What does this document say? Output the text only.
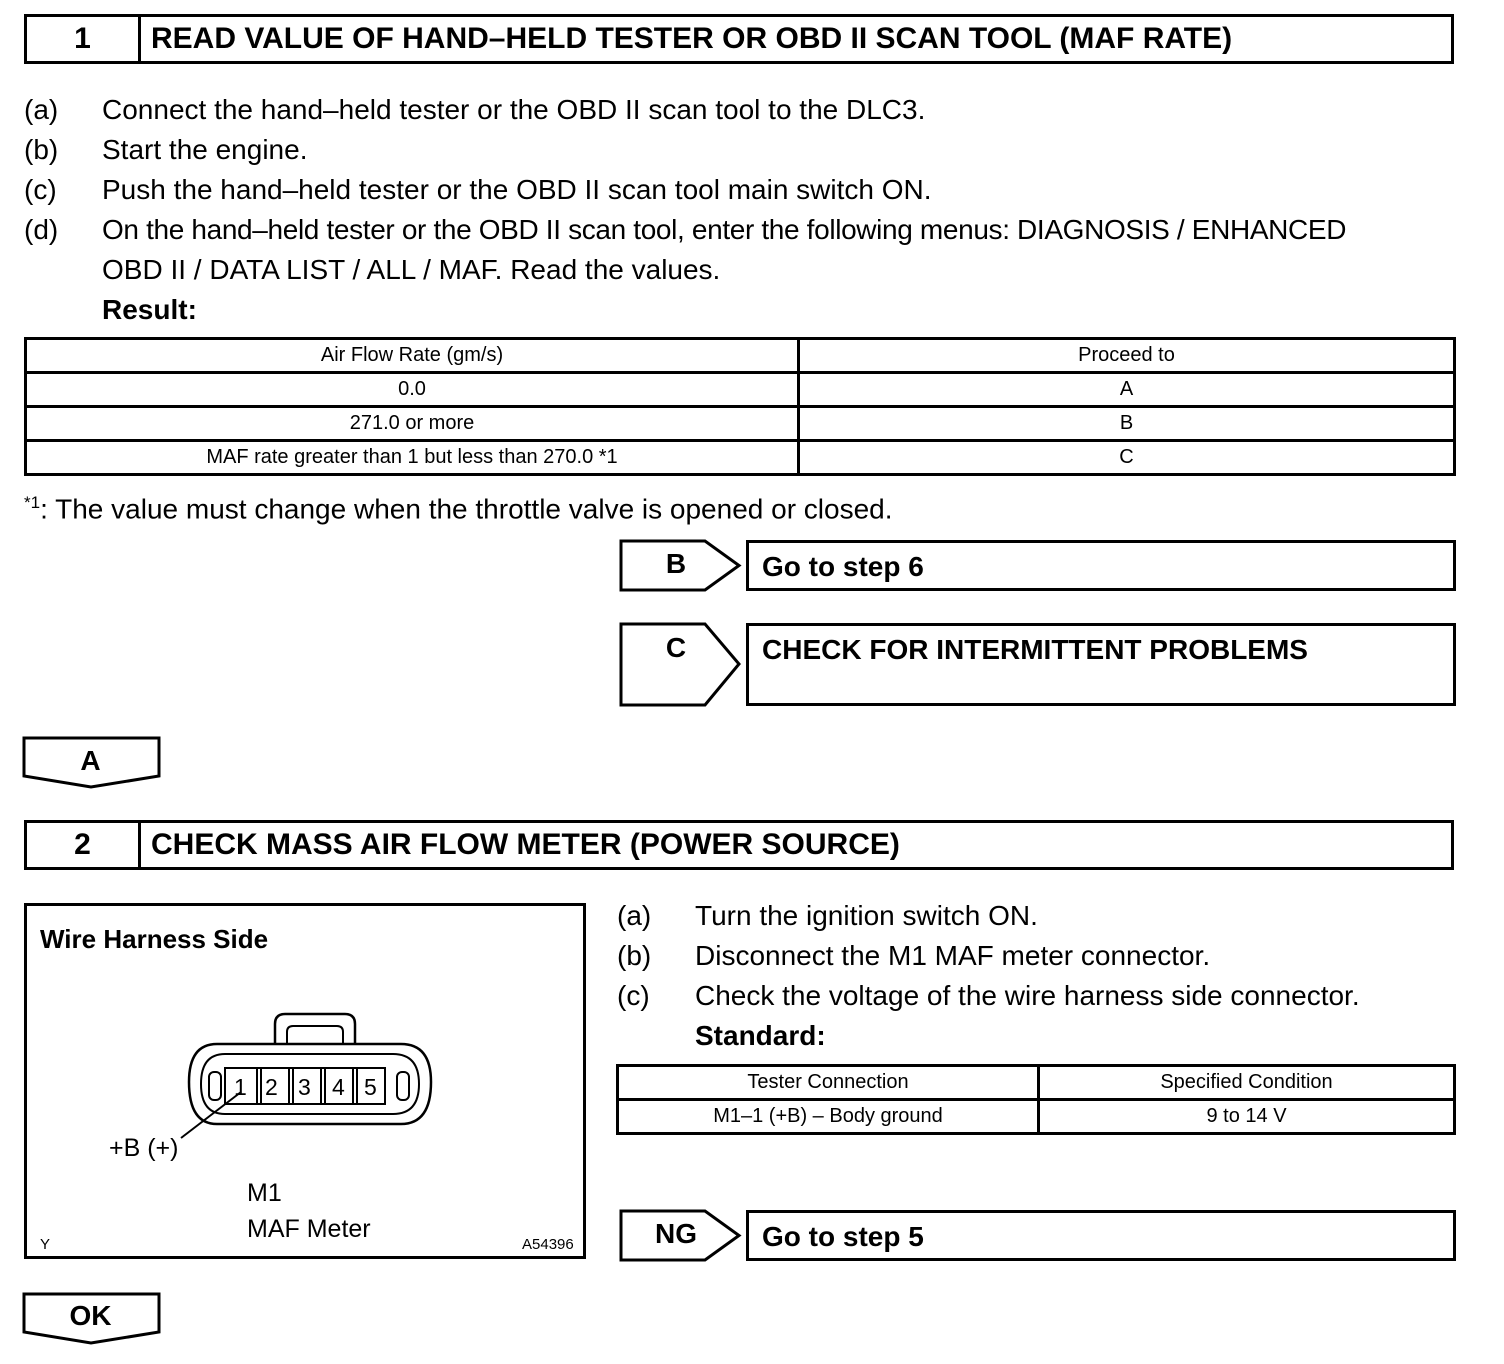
1	READ VALUE OF HAND–HELD TESTER OR OBD II SCAN TOOL (MAF RATE)
(a)	Connect the hand–held tester or the OBD II scan tool to the DLC3.
(b)	Start the engine.
(c)	Push the hand–held tester or the OBD II scan tool main switch ON.
(d)	On the hand–held tester or the OBD II scan tool, enter the following menus: DIAGNOSIS / ENHANCED
OBD II / DATA LIST / ALL / MAF. Read the values.
Result:
Air Flow Rate (gm/s)	Proceed to
0.0	A
271.0 or more	B
MAF rate greater than 1 but less than 270.0 *1	C
$^{*1}$: The value must change when the throttle valve is opened or closed.
B	Go to step 6
C	CHECK FOR INTERMITTENT PROBLEMS
A
2	CHECK MASS AIR FLOW METER (POWER SOURCE)
Wire Harness Side
1 2 3 4 5
+B (+)
M1
MAF Meter
Y	A54396
(a)	Turn the ignition switch ON.
(b)	Disconnect the M1 MAF meter connector.
(c)	Check the voltage of the wire harness side connector.
Standard:
Tester Connection	Specified Condition
M1–1 (+B) – Body ground	9 to 14 V
NG	Go to step 5
OK
